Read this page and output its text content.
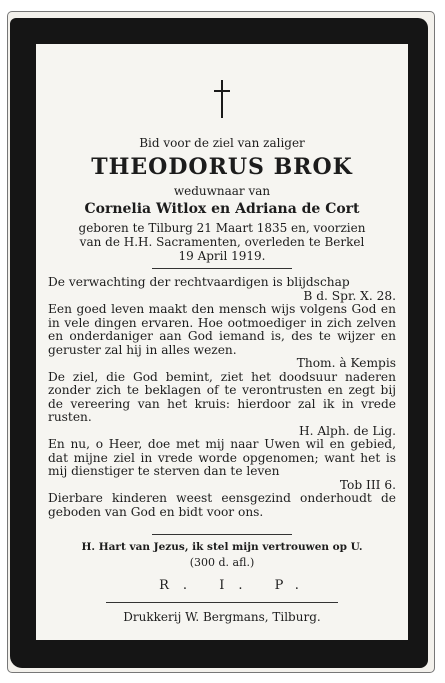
Bid voor de ziel van zaliger
THEODORUS BROK
weduwnaar van
Cornelia Witlox en Adriana de Cort
geboren te Tilburg 21 Maart 1835 en, voorzien
van de H.H. Sacramenten, overleden te Berkel
19 April 1919.

De verwachting der rechtvaardigen is blijdschap

B d. Spr. X. 28.

Een goed leven maakt den mensch wijs volgens God en in vele dingen ervaren. Hoe ootmoediger in zich zelven en onderdaniger aan God iemand is, des te wijzer en geruster zal hij in alles wezen.

Thom. à Kempis

De ziel, die God bemint, ziet het doodsuur naderen zonder zich te beklagen of te verontrusten en zegt bij de vereering van het kruis: hierdoor zal ik in vrede rusten.

H. Alph. de Lig.

En nu, o Heer, doe met mij naar Uwen wil en gebied, dat mijne ziel in vrede worde opgenomen; want het is mij dienstiger te sterven dan te leven

Tob III 6.

Dierbare kinderen weest eensgezind onderhoudt de geboden van God en bidt voor ons.

H. Hart van Jezus, ik stel mijn vertrouwen op U.
(300 d. afl.)
R. I. P.
Drukkerij W. Bergmans, Tilburg.
